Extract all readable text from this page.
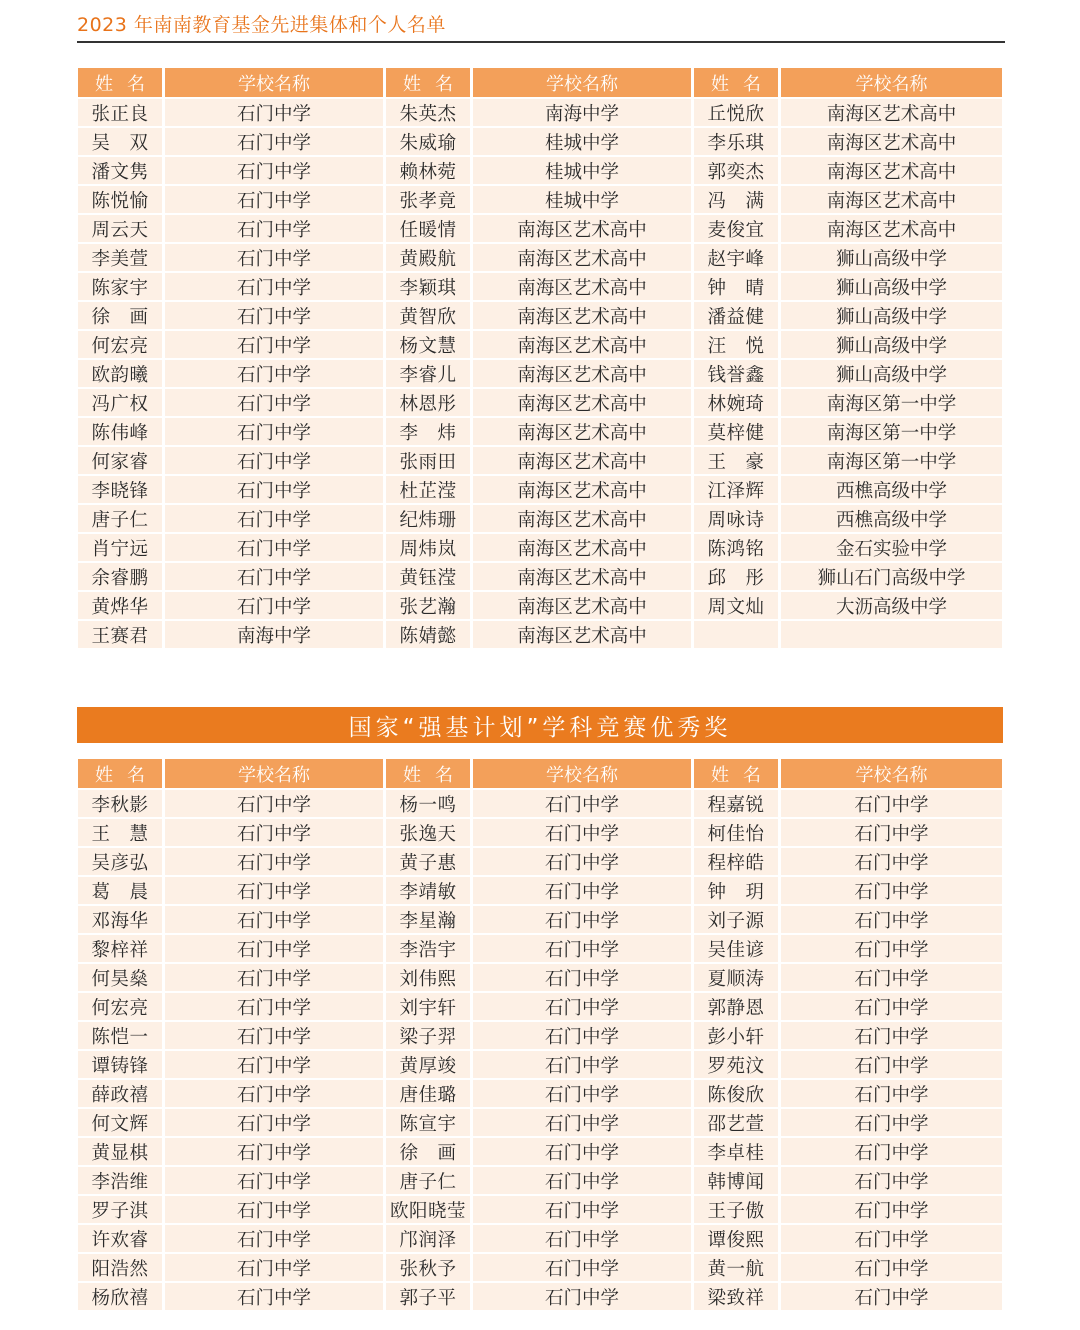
2023 年南南教育基金先进集体和个人名单
姓名	学校名称	姓名	学校名称	姓名	学校名称
张正良	石门中学	朱英杰	南海中学	丘悦欣	南海区艺术高中
吴　双	石门中学	朱威瑜	桂城中学	李乐琪	南海区艺术高中
潘文隽	石门中学	赖林菀	桂城中学	郭奕杰	南海区艺术高中
陈悦愉	石门中学	张孝竟	桂城中学	冯　满	南海区艺术高中
周云天	石门中学	任暖情	南海区艺术高中	麦俊宜	南海区艺术高中
李美萱	石门中学	黄殿航	南海区艺术高中	赵宇峰	狮山高级中学
陈家宇	石门中学	李颖琪	南海区艺术高中	钟　晴	狮山高级中学
徐　画	石门中学	黄智欣	南海区艺术高中	潘益健	狮山高级中学
何宏亮	石门中学	杨文慧	南海区艺术高中	汪　悦	狮山高级中学
欧韵曦	石门中学	李睿儿	南海区艺术高中	钱誉鑫	狮山高级中学
冯广权	石门中学	林恩彤	南海区艺术高中	林婉琦	南海区第一中学
陈伟峰	石门中学	李　炜	南海区艺术高中	莫梓健	南海区第一中学
何家睿	石门中学	张雨田	南海区艺术高中	王　豪	南海区第一中学
李晓锋	石门中学	杜芷滢	南海区艺术高中	江泽辉	西樵高级中学
唐子仁	石门中学	纪炜珊	南海区艺术高中	周咏诗	西樵高级中学
肖宁远	石门中学	周炜岚	南海区艺术高中	陈鸿铭	金石实验中学
余睿鹏	石门中学	黄钰滢	南海区艺术高中	邱　彤	狮山石门高级中学
黄烨华	石门中学	张艺瀚	南海区艺术高中	周文灿	大沥高级中学
王赛君	南海中学	陈婧懿	南海区艺术高中		
国家“强基计划”学科竞赛优秀奖
姓名	学校名称	姓名	学校名称	姓名	学校名称
李秋影	石门中学	杨一鸣	石门中学	程嘉锐	石门中学
王　慧	石门中学	张逸天	石门中学	柯佳怡	石门中学
吴彦弘	石门中学	黄子惠	石门中学	程梓皓	石门中学
葛　晨	石门中学	李靖敏	石门中学	钟　玥	石门中学
邓海华	石门中学	李星瀚	石门中学	刘子源	石门中学
黎梓祥	石门中学	李浩宇	石门中学	吴佳谚	石门中学
何昊燊	石门中学	刘伟熙	石门中学	夏顺涛	石门中学
何宏亮	石门中学	刘宇轩	石门中学	郭静恩	石门中学
陈恺一	石门中学	梁子羿	石门中学	彭小轩	石门中学
谭铸锋	石门中学	黄厚竣	石门中学	罗苑汶	石门中学
薛政禧	石门中学	唐佳璐	石门中学	陈俊欣	石门中学
何文辉	石门中学	陈宣宇	石门中学	邵艺萱	石门中学
黄显棋	石门中学	徐　画	石门中学	李卓桂	石门中学
李浩维	石门中学	唐子仁	石门中学	韩博闻	石门中学
罗子淇	石门中学	欧阳晓莹	石门中学	王子傲	石门中学
许欢睿	石门中学	邝润泽	石门中学	谭俊熙	石门中学
阳浩然	石门中学	张秋予	石门中学	黄一航	石门中学
杨欣禧	石门中学	郭子平	石门中学	梁致祥	石门中学
